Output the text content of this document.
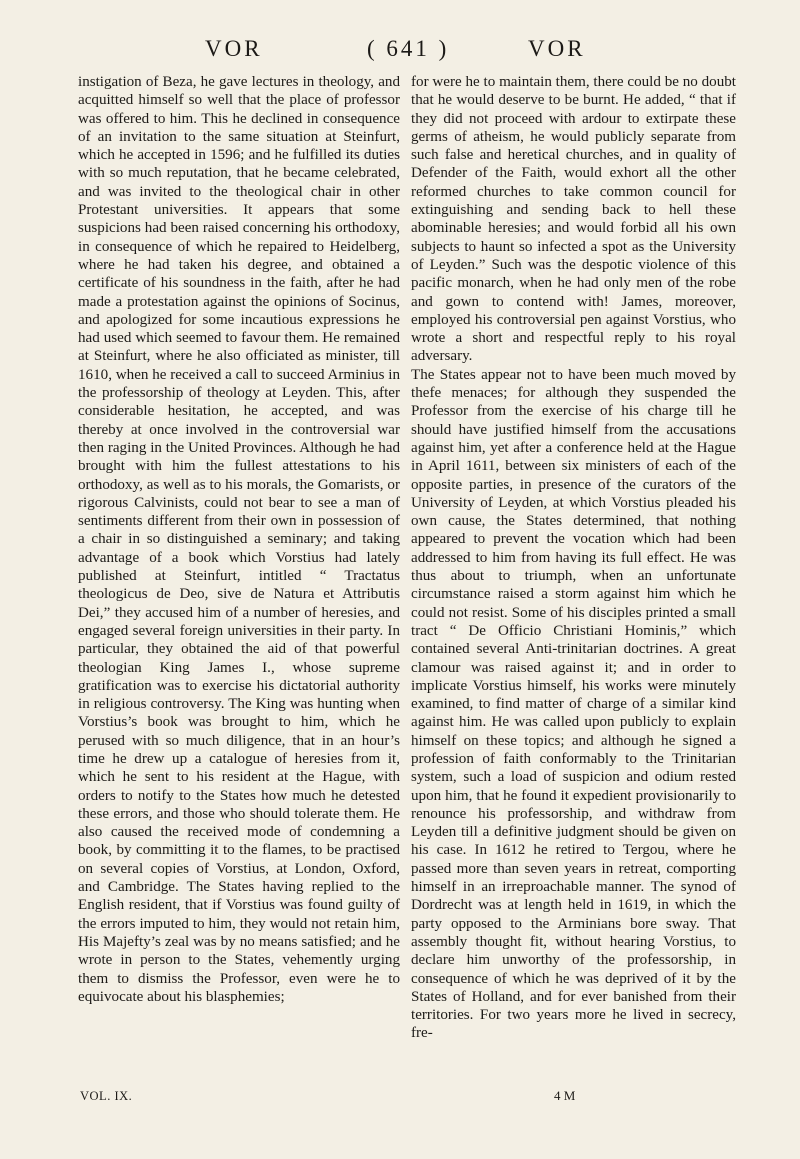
VOR	( 641 )	VOR

instigation of Beza, he gave lectures in theology, and acquitted himself so well that the place of professor was offered to him. This he declined in consequence of an invitation to the same situation at Steinfurt, which he accepted in 1596; and he fulfilled its duties with so much reputation, that he became celebrated, and was invited to the theological chair in other Protestant universities. It appears that some suspicions had been raised concerning his orthodoxy, in consequence of which he repaired to Heidelberg, where he had taken his degree, and obtained a certificate of his soundness in the faith, after he had made a protestation against the opinions of Socinus, and apologized for some incautious expressions he had used which seemed to favour them. He remained at Steinfurt, where he also officiated as minister, till 1610, when he received a call to succeed Arminius in the professorship of theology at Leyden. This, after considerable hesitation, he accepted, and was thereby at once involved in the controversial war then raging in the United Provinces. Although he had brought with him the fullest attestations to his orthodoxy, as well as to his morals, the Gomarists, or rigorous Calvinists, could not bear to see a man of sentiments different from their own in possession of a chair in so distinguished a seminary; and taking advantage of a book which Vorstius had lately published at Steinfurt, intitled “ Tractatus theologicus de Deo, sive de Natura et Attributis Dei,” they accused him of a number of heresies, and engaged several foreign universities in their party. In particular, they obtained the aid of that powerful theologian King James I., whose supreme gratification was to exercise his dictatorial authority in religious controversy. The King was hunting when Vorstius’s book was brought to him, which he perused with so much diligence, that in an hour’s time he drew up a catalogue of heresies from it, which he sent to his resident at the Hague, with orders to notify to the States how much he detested these errors, and those who should tolerate them. He also caused the received mode of condemning a book, by committing it to the flames, to be practised on several copies of Vorstius, at London, Oxford, and Cambridge. The States having replied to the English resident, that if Vorstius was found guilty of the errors imputed to him, they would not retain him, His Majefty’s zeal was by no means satisfied; and he wrote in person to the States, vehemently urging them to dismiss the Professor, even were he to equivocate about his blasphemies;

for were he to maintain them, there could be no doubt that he would deserve to be burnt. He added, “ that if they did not proceed with ardour to extirpate these germs of atheism, he would publicly separate from such false and heretical churches, and in quality of Defender of the Faith, would exhort all the other reformed churches to take common council for extinguishing and sending back to hell these abominable heresies; and would forbid all his own subjects to haunt so infected a spot as the University of Leyden.” Such was the despotic violence of this pacific monarch, when he had only men of the robe and gown to contend with! James, moreover, employed his controversial pen against Vorstius, who wrote a short and respectful reply to his royal adversary.

The States appear not to have been much moved by thefe menaces; for although they suspended the Professor from the exercise of his charge till he should have justified himself from the accusations against him, yet after a conference held at the Hague in April 1611, between six ministers of each of the opposite parties, in presence of the curators of the University of Leyden, at which Vorstius pleaded his own cause, the States determined, that nothing appeared to prevent the vocation which had been addressed to him from having its full effect. He was thus about to triumph, when an unfortunate circumstance raised a storm against him which he could not resist. Some of his disciples printed a small tract “ De Officio Christiani Hominis,” which contained several Anti-trinitarian doctrines. A great clamour was raised against it; and in order to implicate Vorstius himself, his works were minutely examined, to find matter of charge of a similar kind against him. He was called upon publicly to explain himself on these topics; and although he signed a profession of faith conformably to the Trinitarian system, such a load of suspicion and odium rested upon him, that he found it expedient provisionarily to renounce his professorship, and withdraw from Leyden till a definitive judgment should be given on his case. In 1612 he retired to Tergou, where he passed more than seven years in retreat, comporting himself in an irreproachable manner. The synod of Dordrecht was at length held in 1619, in which the party opposed to the Arminians bore sway. That assembly thought fit, without hearing Vorstius, to declare him unworthy of the professorship, in consequence of which he was deprived of it by the States of Holland, and for ever banished from their territories. For two years more he lived in secrecy, fre-

VOL. IX.	4 M
